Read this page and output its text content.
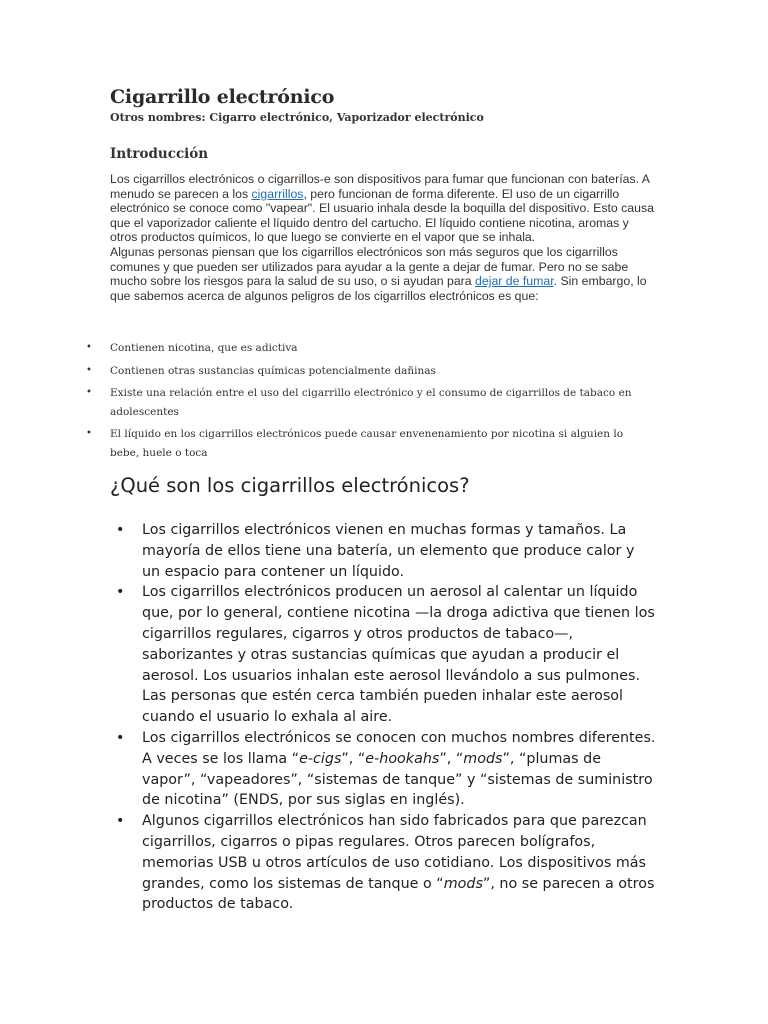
Cigarrillo electrónico
Otros nombres: Cigarro electrónico, Vaporizador electrónico
Introducción

Los cigarrillos electrónicos o cigarrillos-e son dispositivos para fumar que funcionan con baterías. A menudo se parecen a los cigarrillos, pero funcionan de forma diferente. El uso de un cigarrillo electrónico se conoce como "vapear". El usuario inhala desde la boquilla del dispositivo. Esto causa que el vaporizador caliente el líquido dentro del cartucho. El líquido contiene nicotina, aromas y otros productos químicos, lo que luego se convierte en el vapor que se inhala.

Algunas personas piensan que los cigarrillos electrónicos son más seguros que los cigarrillos comunes y que pueden ser utilizados para ayudar a la gente a dejar de fumar. Pero no se sabe mucho sobre los riesgos para la salud de su uso, o si ayudan para dejar de fumar. Sin embargo, lo que sabemos acerca de algunos peligros de los cigarrillos electrónicos es que:

• Contienen nicotina, que es adictiva
• Contienen otras sustancias químicas potencialmente dañinas
• Existe una relación entre el uso del cigarrillo electrónico y el consumo de cigarrillos de tabaco en adolescentes
• El líquido en los cigarrillos electrónicos puede causar envenenamiento por nicotina si alguien lo bebe, huele o toca
¿Qué son los cigarrillos electrónicos?
• Los cigarrillos electrónicos vienen en muchas formas y tamaños. La mayoría de ellos tiene una batería, un elemento que produce calor y un espacio para contener un líquido.
• Los cigarrillos electrónicos producen un aerosol al calentar un líquido que, por lo general, contiene nicotina —la droga adictiva que tienen los cigarrillos regulares, cigarros y otros productos de tabaco—, saborizantes y otras sustancias químicas que ayudan a producir el aerosol. Los usuarios inhalan este aerosol llevándolo a sus pulmones. Las personas que estén cerca también pueden inhalar este aerosol cuando el usuario lo exhala al aire.
• Los cigarrillos electrónicos se conocen con muchos nombres diferentes. A veces se los llama “e-cigs”, “e-hookahs”, “mods”, “plumas de vapor”, “vapeadores”, “sistemas de tanque” y “sistemas de suministro de nicotina” (ENDS, por sus siglas en inglés).
• Algunos cigarrillos electrónicos han sido fabricados para que parezcan cigarrillos, cigarros o pipas regulares. Otros parecen bolígrafos, memorias USB u otros artículos de uso cotidiano. Los dispositivos más grandes, como los sistemas de tanque o “mods”, no se parecen a otros productos de tabaco.
